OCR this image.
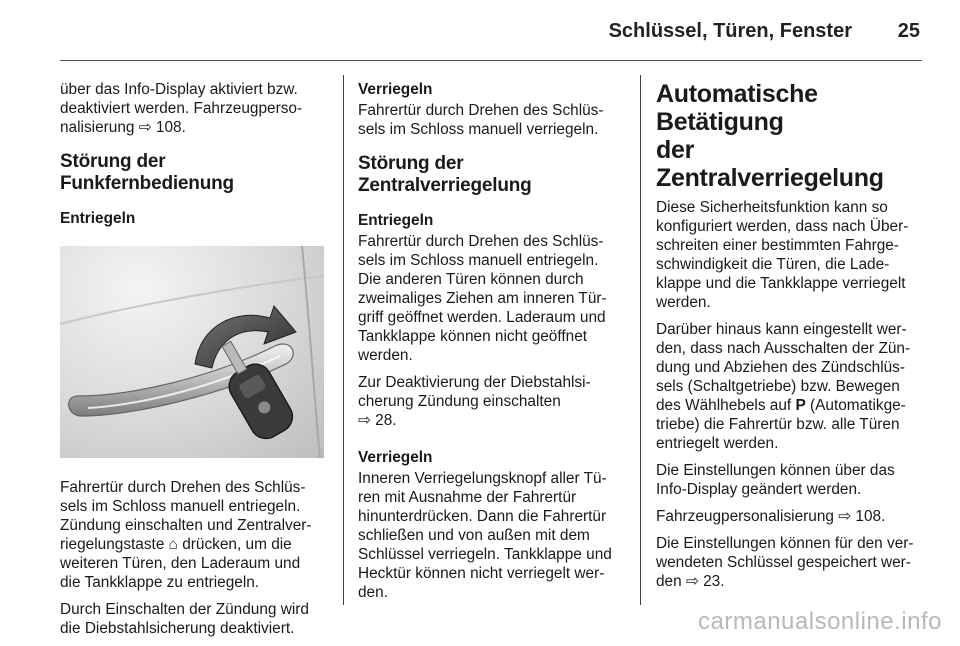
Schlüssel, Türen, Fenster 25

über das Info-Display aktiviert bzw.
deaktiviert werden. Fahrzeugperso-
nalisierung ⇨ 108.

Störung der Funkfernbedienung
Entriegeln

Fahrertür durch Drehen des Schlüs-
sels im Schloss manuell entriegeln.
Zündung einschalten und Zentralver-
riegelungstaste ⌂ drücken, um die
weiteren Türen, den Laderaum und
die Tankklappe zu entriegeln.

Durch Einschalten der Zündung wird
die Diebstahlsicherung deaktiviert.

Verriegeln

Fahrertür durch Drehen des Schlüs-
sels im Schloss manuell verriegeln.

Störung der Zentralverriegelung
Entriegeln

Fahrertür durch Drehen des Schlüs-
sels im Schloss manuell entriegeln.
Die anderen Türen können durch
zweimaliges Ziehen am inneren Tür-
griff geöffnet werden. Laderaum und
Tankklappe können nicht geöffnet
werden.

Zur Deaktivierung der Diebstahlsi-
cherung Zündung einschalten
⇨ 28.

Verriegeln

Inneren Verriegelungsknopf aller Tü-
ren mit Ausnahme der Fahrertür
hinunterdrücken. Dann die Fahrertür
schließen und von außen mit dem
Schlüssel verriegeln. Tankklappe und
Hecktür können nicht verriegelt wer-
den.

Automatische Betätigung
der Zentralverriegelung

Diese Sicherheitsfunktion kann so
konfiguriert werden, dass nach Über-
schreiten einer bestimmten Fahrge-
schwindigkeit die Türen, die Lade-
klappe und die Tankklappe verriegelt
werden.

Darüber hinaus kann eingestellt wer-
den, dass nach Ausschalten der Zün-
dung und Abziehen des Zündschlüs-
sels (Schaltgetriebe) bzw. Bewegen
des Wählhebels auf P (Automatikge-
triebe) die Fahrertür bzw. alle Türen
entriegelt werden.

Die Einstellungen können über das
Info-Display geändert werden.

Fahrzeugpersonalisierung ⇨ 108.

Die Einstellungen können für den ver-
wendeten Schlüssel gespeichert wer-
den ⇨ 23.

carmanualsonline.info
